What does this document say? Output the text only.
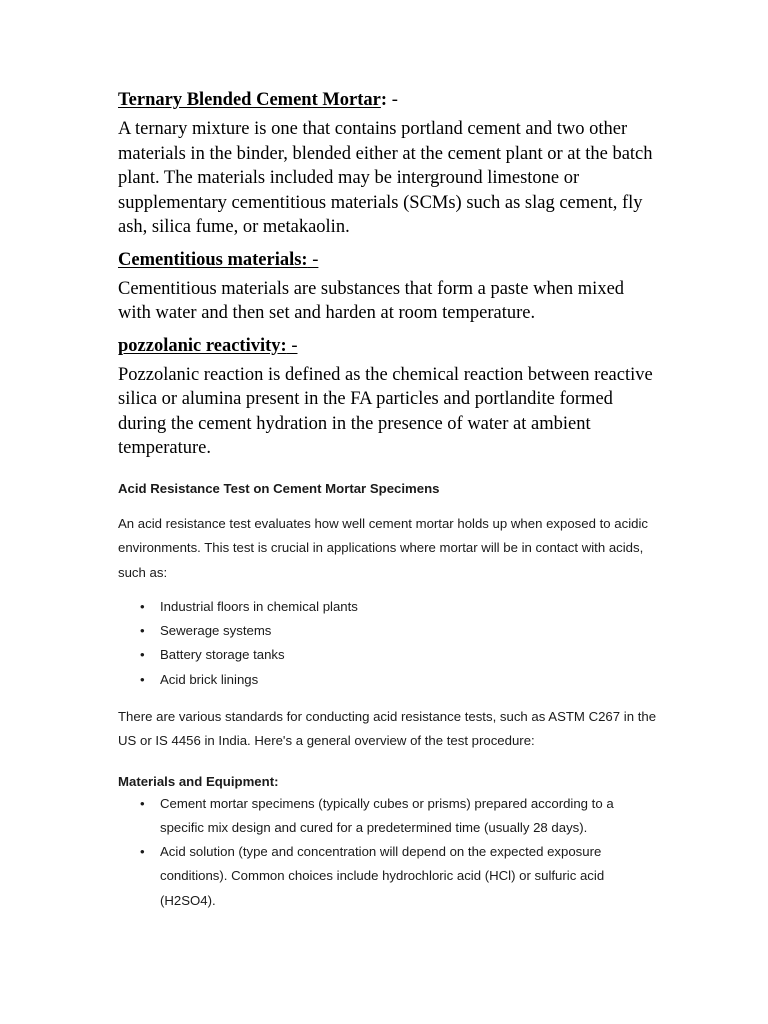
Ternary Blended Cement Mortar: -

A ternary mixture is one that contains portland cement and two other materials in the binder, blended either at the cement plant or at the batch plant. The materials included may be interground limestone or supplementary cementitious materials (SCMs) such as slag cement, fly ash, silica fume, or metakaolin.

Cementitious materials: -

Cementitious materials are substances that form a paste when mixed with water and then set and harden at room temperature.

pozzolanic reactivity: -

Pozzolanic reaction is defined as the chemical reaction between reactive silica or alumina present in the FA particles and portlandite formed during the cement hydration in the presence of water at ambient temperature.

Acid Resistance Test on Cement Mortar Specimens

An acid resistance test evaluates how well cement mortar holds up when exposed to acidic environments. This test is crucial in applications where mortar will be in contact with acids, such as:

• Industrial floors in chemical plants
• Sewerage systems
• Battery storage tanks
• Acid brick linings

There are various standards for conducting acid resistance tests, such as ASTM C267 in the US or IS 4456 in India. Here's a general overview of the test procedure:

Materials and Equipment:
• Cement mortar specimens (typically cubes or prisms) prepared according to a specific mix design and cured for a predetermined time (usually 28 days).
• Acid solution (type and concentration will depend on the expected exposure conditions). Common choices include hydrochloric acid (HCl) or sulfuric acid (H2SO4).
